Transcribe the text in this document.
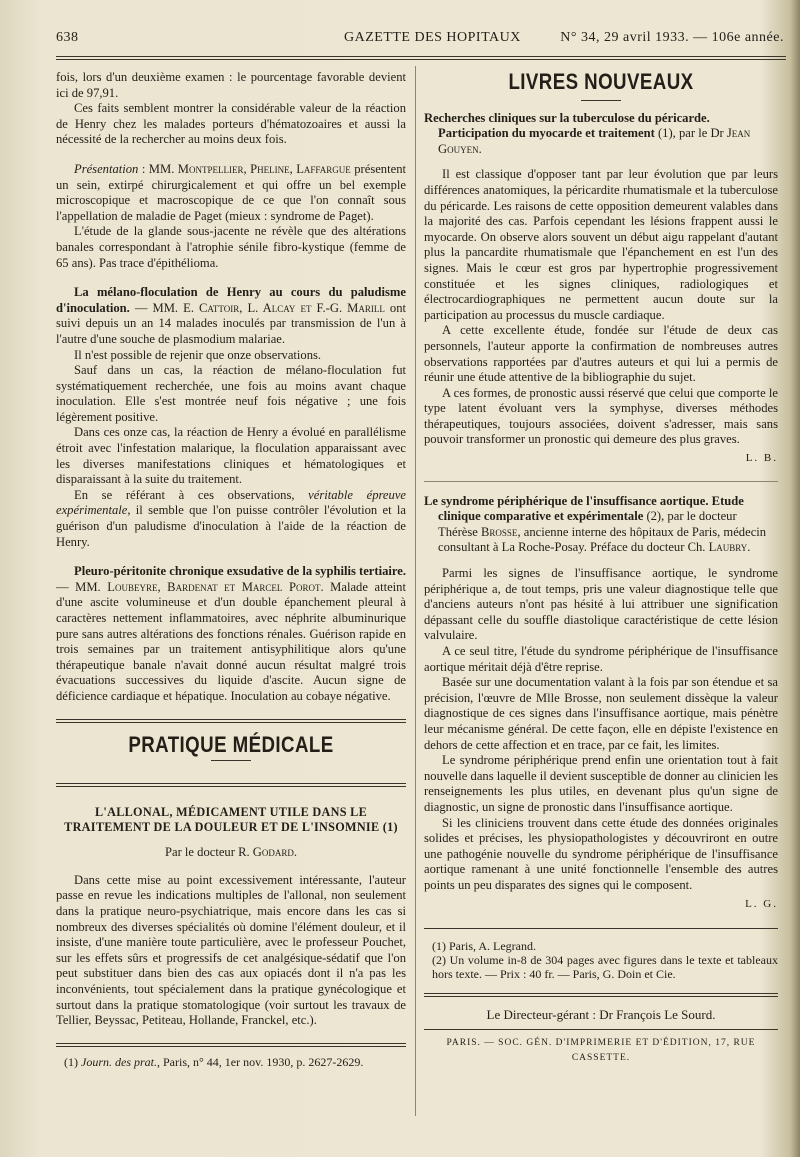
638	GAZETTE DES HOPITAUX	N° 34, 29 avril 1933. — 106e année.

fois, lors d'un deuxième examen : le pourcentage favorable devient ici de 97,91.

Ces faits semblent montrer la considérable valeur de la réaction de Henry chez les malades porteurs d'hématozoaires et aussi la nécessité de la rechercher au moins deux fois.

Présentation : MM. Montpellier, Pheline, Laffargue présentent un sein, extirpé chirurgicalement et qui offre un bel exemple microscopique et macroscopique de ce que l'on connaît sous l'appellation de maladie de Paget (mieux : syndrome de Paget).

L'étude de la glande sous-jacente ne révèle que des altérations banales correspondant à l'atrophie sénile fibro-kystique (femme de 65 ans). Pas trace d'épithélioma.

La mélano-floculation de Henry au cours du paludisme d'inoculation. — MM. E. Cattoir, L. Alcay et F.-G. Marill ont suivi depuis un an 14 malades inoculés par transmission de l'un à l'autre d'une souche de plasmodium malariae.

Il n'est possible de rejenir que onze observations.

Sauf dans un cas, la réaction de mélano-floculation fut systématiquement recherchée, une fois au moins avant chaque inoculation. Elle s'est montrée neuf fois négative ; une fois légèrement positive.

Dans ces onze cas, la réaction de Henry a évolué en parallélisme étroit avec l'infestation malarique, la floculation apparaissant avec les diverses manifestations cliniques et hématologiques et disparaissant à la suite du traitement.

En se référant à ces observations, véritable épreuve expérimentale, il semble que l'on puisse contrôler l'évolution et la guérison d'un paludisme d'inoculation à l'aide de la réaction de Henry.

Pleuro-péritonite chronique exsudative de la syphilis tertiaire. — MM. Loubeyre, Bardenat et Marcel Porot. Malade atteint d'une ascite volumineuse et d'un double épanchement pleural à caractères nettement inflammatoires, avec néphrite albuminurique pure sans autres altérations des fonctions rénales. Guérison rapide en trois semaines par un traitement antisyphilitique alors qu'une thérapeutique banale n'avait donné aucun résultat malgré trois évacuations successives du liquide d'ascite. Aucun signe de déficience cardiaque et hépatique. Inoculation au cobaye négative.

PRATIQUE MÉDICALE
L'ALLONAL, MÉDICAMENT UTILE DANS LE TRAITEMENT DE LA DOULEUR ET DE L'INSOMNIE (1)
Par le docteur R. Godard.

Dans cette mise au point excessivement intéressante, l'auteur passe en revue les indications multiples de l'allonal, non seulement dans la pratique neuro-psychiatrique, mais encore dans les cas si nombreux des diverses spécialités où domine l'élément douleur, et il insiste, d'une manière toute particulière, avec le professeur Pouchet, sur les effets sûrs et progressifs de cet analgésique-sédatif que l'on peut substituer dans bien des cas aux opiacés dont il n'a pas les inconvénients, tout spécialement dans la pratique gynécologique et surtout dans la pratique stomatologique (voir surtout les travaux de Tellier, Beyssac, Petiteau, Hollande, Franckel, etc.).

(1) Journ. des prat., Paris, n° 44, 1er nov. 1930, p. 2627-2629.
LIVRES NOUVEAUX

Recherches cliniques sur la tuberculose du péricarde. Participation du myocarde et traitement (1), par le Dr Jean Gouyen.

Il est classique d'opposer tant par leur évolution que par leurs différences anatomiques, la péricardite rhumatismale et la tuberculose du péricarde. Les raisons de cette opposition demeurent valables dans la majorité des cas. Parfois cependant les lésions frappent aussi le myocarde. On observe alors souvent un début aigu rappelant d'autant plus la pancardite rhumatismale que l'épanchement en est l'un des signes. Mais le cœur est gros par hypertrophie progressivement constituée et les signes cliniques, radiologiques et électrocardiographiques ne permettent aucun doute sur la participation au processus du muscle cardiaque.

A cette excellente étude, fondée sur l'étude de deux cas personnels, l'auteur apporte la confirmation de nombreuses autres observations rapportées par d'autres auteurs et qui lui a permis de réunir une étude attentive de la bibliographie du sujet.

A ces formes, de pronostic aussi réservé que celui que comporte le type latent évoluant vers la symphyse, diverses méthodes thérapeutiques, toujours associées, doivent s'adresser, mais sans pouvoir transformer un pronostic qui demeure des plus graves.

L. B.

Le syndrome périphérique de l'insuffisance aortique. Etude clinique comparative et expérimentale (2), par le docteur Thérèse Brosse, ancienne interne des hôpitaux de Paris, médecin consultant à La Roche-Posay. Préface du docteur Ch. Laubry.

Parmi les signes de l'insuffisance aortique, le syndrome périphérique a, de tout temps, pris une valeur diagnostique telle que d'anciens auteurs n'ont pas hésité à lui attribuer une signification dépassant celle du souffle diastolique caractéristique de cette lésion valvulaire.

A ce seul titre, l'étude du syndrome périphérique de l'insuffisance aortique méritait déjà d'être reprise.

Basée sur une documentation valant à la fois par son étendue et sa précision, l'œuvre de Mlle Brosse, non seulement dissèque la valeur diagnostique de ces signes dans l'insuffisance aortique, mais pénètre leur mécanisme général. De cette façon, elle en dépiste l'existence en dehors de cette affection et en trace, par ce fait, les limites.

Le syndrome périphérique prend enfin une orientation tout à fait nouvelle dans laquelle il devient susceptible de donner au clinicien les renseignements les plus utiles, en devenant plus qu'un signe de diagnostic, un signe de pronostic dans l'insuffisance aortique.

Si les cliniciens trouvent dans cette étude des données originales solides et précises, les physiopathologistes y découvriront en outre une pathogénie nouvelle du syndrome périphérique de l'insuffisance aortique ramenant à une unité fonctionnelle l'ensemble des autres points un peu disparates des signes qui le composent.

L. G.
(1) Paris, A. Legrand.
(2) Un volume in-8 de 304 pages avec figures dans le texte et tableaux hors texte. — Prix : 40 fr. — Paris, G. Doin et Cie.
Le Directeur-gérant : Dr François Le Sourd.
PARIS. — SOC. GÉN. D'IMPRIMERIE ET D'ÉDITION, 17, RUE CASSETTE.
